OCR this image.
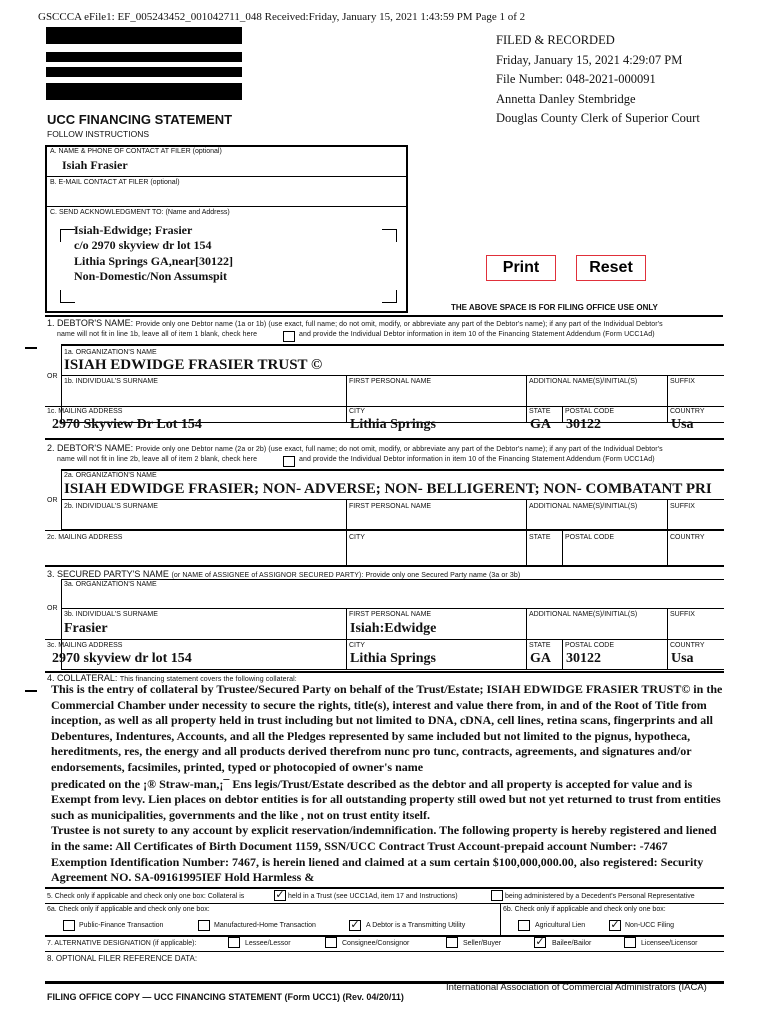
GSCCCA eFile1: EF_005243452_001042711_048 Received:Friday, January 15, 2021 1:43:59 PM Page 1 of 2
FILED & RECORDED
Friday, January 15, 2021 4:29:07 PM
File Number: 048-2021-000091
Annetta Danley Stembridge
Douglas County Clerk of Superior Court
UCC FINANCING STATEMENT
FOLLOW INSTRUCTIONS
A. NAME & PHONE OF CONTACT AT FILER (optional)
Isiah Frasier
B. E-MAIL CONTACT AT FILER (optional)
C. SEND ACKNOWLEDGMENT TO: (Name and Address)
Isiah-Edwidge; Frasier
c/o 2970 skyview dr lot 154
Lithia Springs GA,near[30122]
Non-Domestic/Non Assumspit	Print	Reset
THE ABOVE SPACE IS FOR FILING OFFICE USE ONLY
1. DEBTOR'S NAME: Provide only one Debtor name (1a or 1b) (use exact, full name; do not omit, modify, or abbreviate any part of the Debtor's name); if any part of the Individual Debtor's
name will not fit in line 1b, leave all of item 1 blank, check here	and provide the Individual Debtor information in item 10 of the Financing Statement Addendum (Form UCC1Ad)
1a. ORGANIZATION'S NAME
ISIAH EDWIDGE FRASIER TRUST ©
OR
1b. INDIVIDUAL'S SURNAME	FIRST PERSONAL NAME	ADDITIONAL NAME(S)/INITIAL(S)	SUFFIX
1c. MAILING ADDRESS	CITY	STATE POSTAL CODE	COUNTRY
2970 Skyview Dr Lot 154	Lithia Springs	GA 30122	Usa
2. DEBTOR'S NAME: Provide only one Debtor name (2a or 2b) (use exact, full name; do not omit, modify, or abbreviate any part of the Debtor's name); if any part of the Individual Debtor's
name will not fit in line 2b, leave all of item 2 blank, check here	and provide the Individual Debtor information in item 10 of the Financing Statement Addendum (Form UCC1Ad)
2a. ORGANIZATION'S NAME
ISIAH EDWIDGE FRASIER; NON- ADVERSE; NON- BELLIGERENT; NON- COMBATANT PRI
OR
2b. INDIVIDUAL'S SURNAME	FIRST PERSONAL NAME	ADDITIONAL NAME(S)/INITIAL(S)	SUFFIX
2c. MAILING ADDRESS	CITY	STATE POSTAL CODE	COUNTRY
3. SECURED PARTY'S NAME (or NAME of ASSIGNEE of ASSIGNOR SECURED PARTY): Provide only one Secured Party name (3a or 3b)
3a. ORGANIZATION'S NAME
OR
3b. INDIVIDUAL'S SURNAME	FIRST PERSONAL NAME	ADDITIONAL NAME(S)/INITIAL(S)	SUFFIX
Frasier	Isiah:Edwidge
3c. MAILING ADDRESS	CITY	STATE POSTAL CODE	COUNTRY
2970 skyview dr lot 154	Lithia Springs	GA 30122	Usa
4. COLLATERAL: This financing statement covers the following collateral:

This is the entry of collateral by Trustee/Secured Party on behalf of the Trust/Estate; ISIAH EDWIDGE FRASIER TRUST© in the Commercial Chamber under necessity to secure the rights, title(s), interest and value there from, in and of the Root of Title from inception, as well as all property held in trust including but not limited to DNA, cDNA, cell lines, retina scans, fingerprints and all Debentures, Indentures, Accounts, and all the Pledges represented by same included but not limited to the pignus, hypotheca, hereditments, res, the energy and all products derived therefrom nunc pro tunc, contracts, agreements, and signatures and/or endorsements, facsimiles, printed, typed or photocopied of owner's name

predicated on the ¡® Straw-man,¡¯ Ens legis/Trust/Estate described as the debtor and all property is accepted for value and is Exempt from levy. Lien places on debtor entities is for all outstanding property still owed but not yet returned to trust from entities such as municipalities, governments and the like , not on trust entity itself.

Trustee is not surety to any account by explicit reservation/indemnification. The following property is hereby registered and liened in the same: All Certificates of Birth Document 1159, SSN/UCC Contract Trust Account-prepaid account Number: -7467 Exemption Identification Number: 7467, is herein liened and claimed at a sum certain $100,000,000.00, also registered: Security Agreement NO. SA-09161995IEF Hold Harmless &

5. Check only if applicable and check only one box: Collateral is	✓ held in a Trust (see UCC1Ad, item 17 and Instructions)	being administered by a Decedent's Personal Representative
6a. Check only if applicable and check only one box:	6b. Check only if applicable and check only one box:
Public-Finance Transaction	Manufactured-Home Transaction	✓ A Debtor is a Transmitting Utility	Agricultural Lien ✓ Non-UCC Filing
7. ALTERNATIVE DESIGNATION (if applicable):	Lessee/Lessor	Consignee/Consignor	Seller/Buyer	✓ Bailee/Bailor	Licensee/Licensor
8. OPTIONAL FILER REFERENCE DATA:
FILING OFFICE COPY — UCC FINANCING STATEMENT (Form UCC1) (Rev. 04/20/11)
International Association of Commercial Administrators (IACA)
